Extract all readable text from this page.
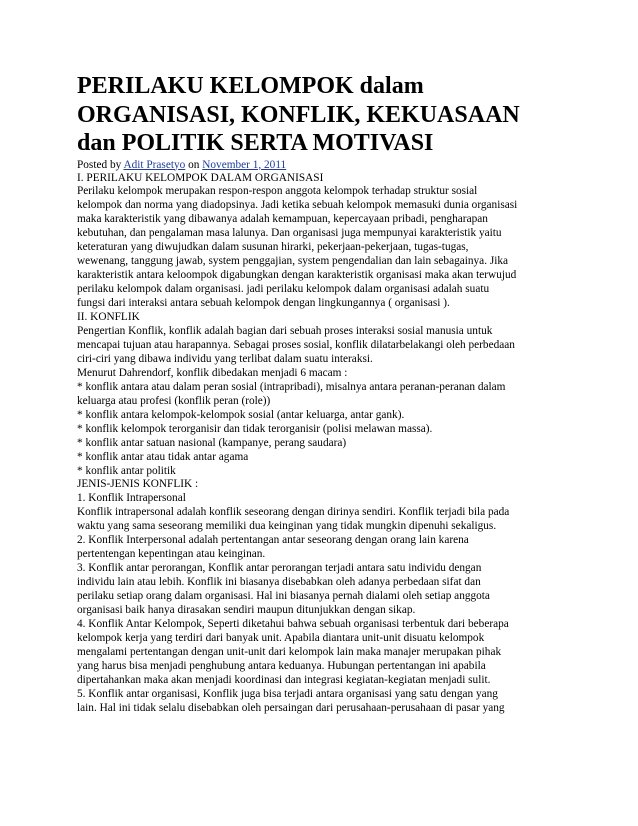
PERILAKU KELOMPOK dalam
ORGANISASI, KONFLIK, KEKUASAAN
dan POLITIK SERTA MOTIVASI
Posted by Adit Prasetyo on November 1, 2011
I. PERILAKU KELOMPOK DALAM ORGANISASI
Perilaku kelompok merupakan respon-respon anggota kelompok terhadap struktur sosial
kelompok dan norma yang diadopsinya. Jadi ketika sebuah kelompok memasuki dunia organisasi
maka karakteristik yang dibawanya adalah kemampuan, kepercayaan pribadi, pengharapan
kebutuhan, dan pengalaman masa lalunya. Dan organisasi juga mempunyai karakteristik yaitu
keteraturan yang diwujudkan dalam susunan hirarki, pekerjaan-pekerjaan, tugas-tugas,
wewenang, tanggung jawab, system penggajian, system pengendalian dan lain sebagainya. Jika
karakteristik antara keloompok digabungkan dengan karakteristik organisasi maka akan terwujud
perilaku kelompok dalam organisasi. jadi perilaku kelompok dalam organisasi adalah suatu
fungsi dari interaksi antara sebuah kelompok dengan lingkungannya ( organisasi ).
II. KONFLIK
Pengertian Konflik, konflik adalah bagian dari sebuah proses interaksi sosial manusia untuk
mencapai tujuan atau harapannya. Sebagai proses sosial, konflik dilatarbelakangi oleh perbedaan
ciri-ciri yang dibawa individu yang terlibat dalam suatu interaksi.
Menurut Dahrendorf, konflik dibedakan menjadi 6 macam :
* konflik antara atau dalam peran sosial (intrapribadi), misalnya antara peranan-peranan dalam
keluarga atau profesi (konflik peran (role))
* konflik antara kelompok-kelompok sosial (antar keluarga, antar gank).
* konflik kelompok terorganisir dan tidak terorganisir (polisi melawan massa).
* konflik antar satuan nasional (kampanye, perang saudara)
* konflik antar atau tidak antar agama
* konflik antar politik
JENIS-JENIS KONFLIK :
1. Konflik Intrapersonal
Konflik intrapersonal adalah konflik seseorang dengan dirinya sendiri. Konflik terjadi bila pada
waktu yang sama seseorang memiliki dua keinginan yang tidak mungkin dipenuhi sekaligus.
2. Konflik Interpersonal adalah pertentangan antar seseorang dengan orang lain karena
pertentengan kepentingan atau keinginan.
3. Konflik antar perorangan, Konflik antar perorangan terjadi antara satu individu dengan
individu lain atau lebih. Konflik ini biasanya disebabkan oleh adanya perbedaan sifat dan
perilaku setiap orang dalam organisasi. Hal ini biasanya pernah dialami oleh setiap anggota
organisasi baik hanya dirasakan sendiri maupun ditunjukkan dengan sikap.
4. Konflik Antar Kelompok, Seperti diketahui bahwa sebuah organisasi terbentuk dari beberapa
kelompok kerja yang terdiri dari banyak unit. Apabila diantara unit-unit disuatu kelompok
mengalami pertentangan dengan unit-unit dari kelompok lain maka manajer merupakan pihak
yang harus bisa menjadi penghubung antara keduanya. Hubungan pertentangan ini apabila
dipertahankan maka akan menjadi koordinasi dan integrasi kegiatan-kegiatan menjadi sulit.
5. Konflik antar organisasi, Konflik juga bisa terjadi antara organisasi yang satu dengan yang
lain. Hal ini tidak selalu disebabkan oleh persaingan dari perusahaan-perusahaan di pasar yang
